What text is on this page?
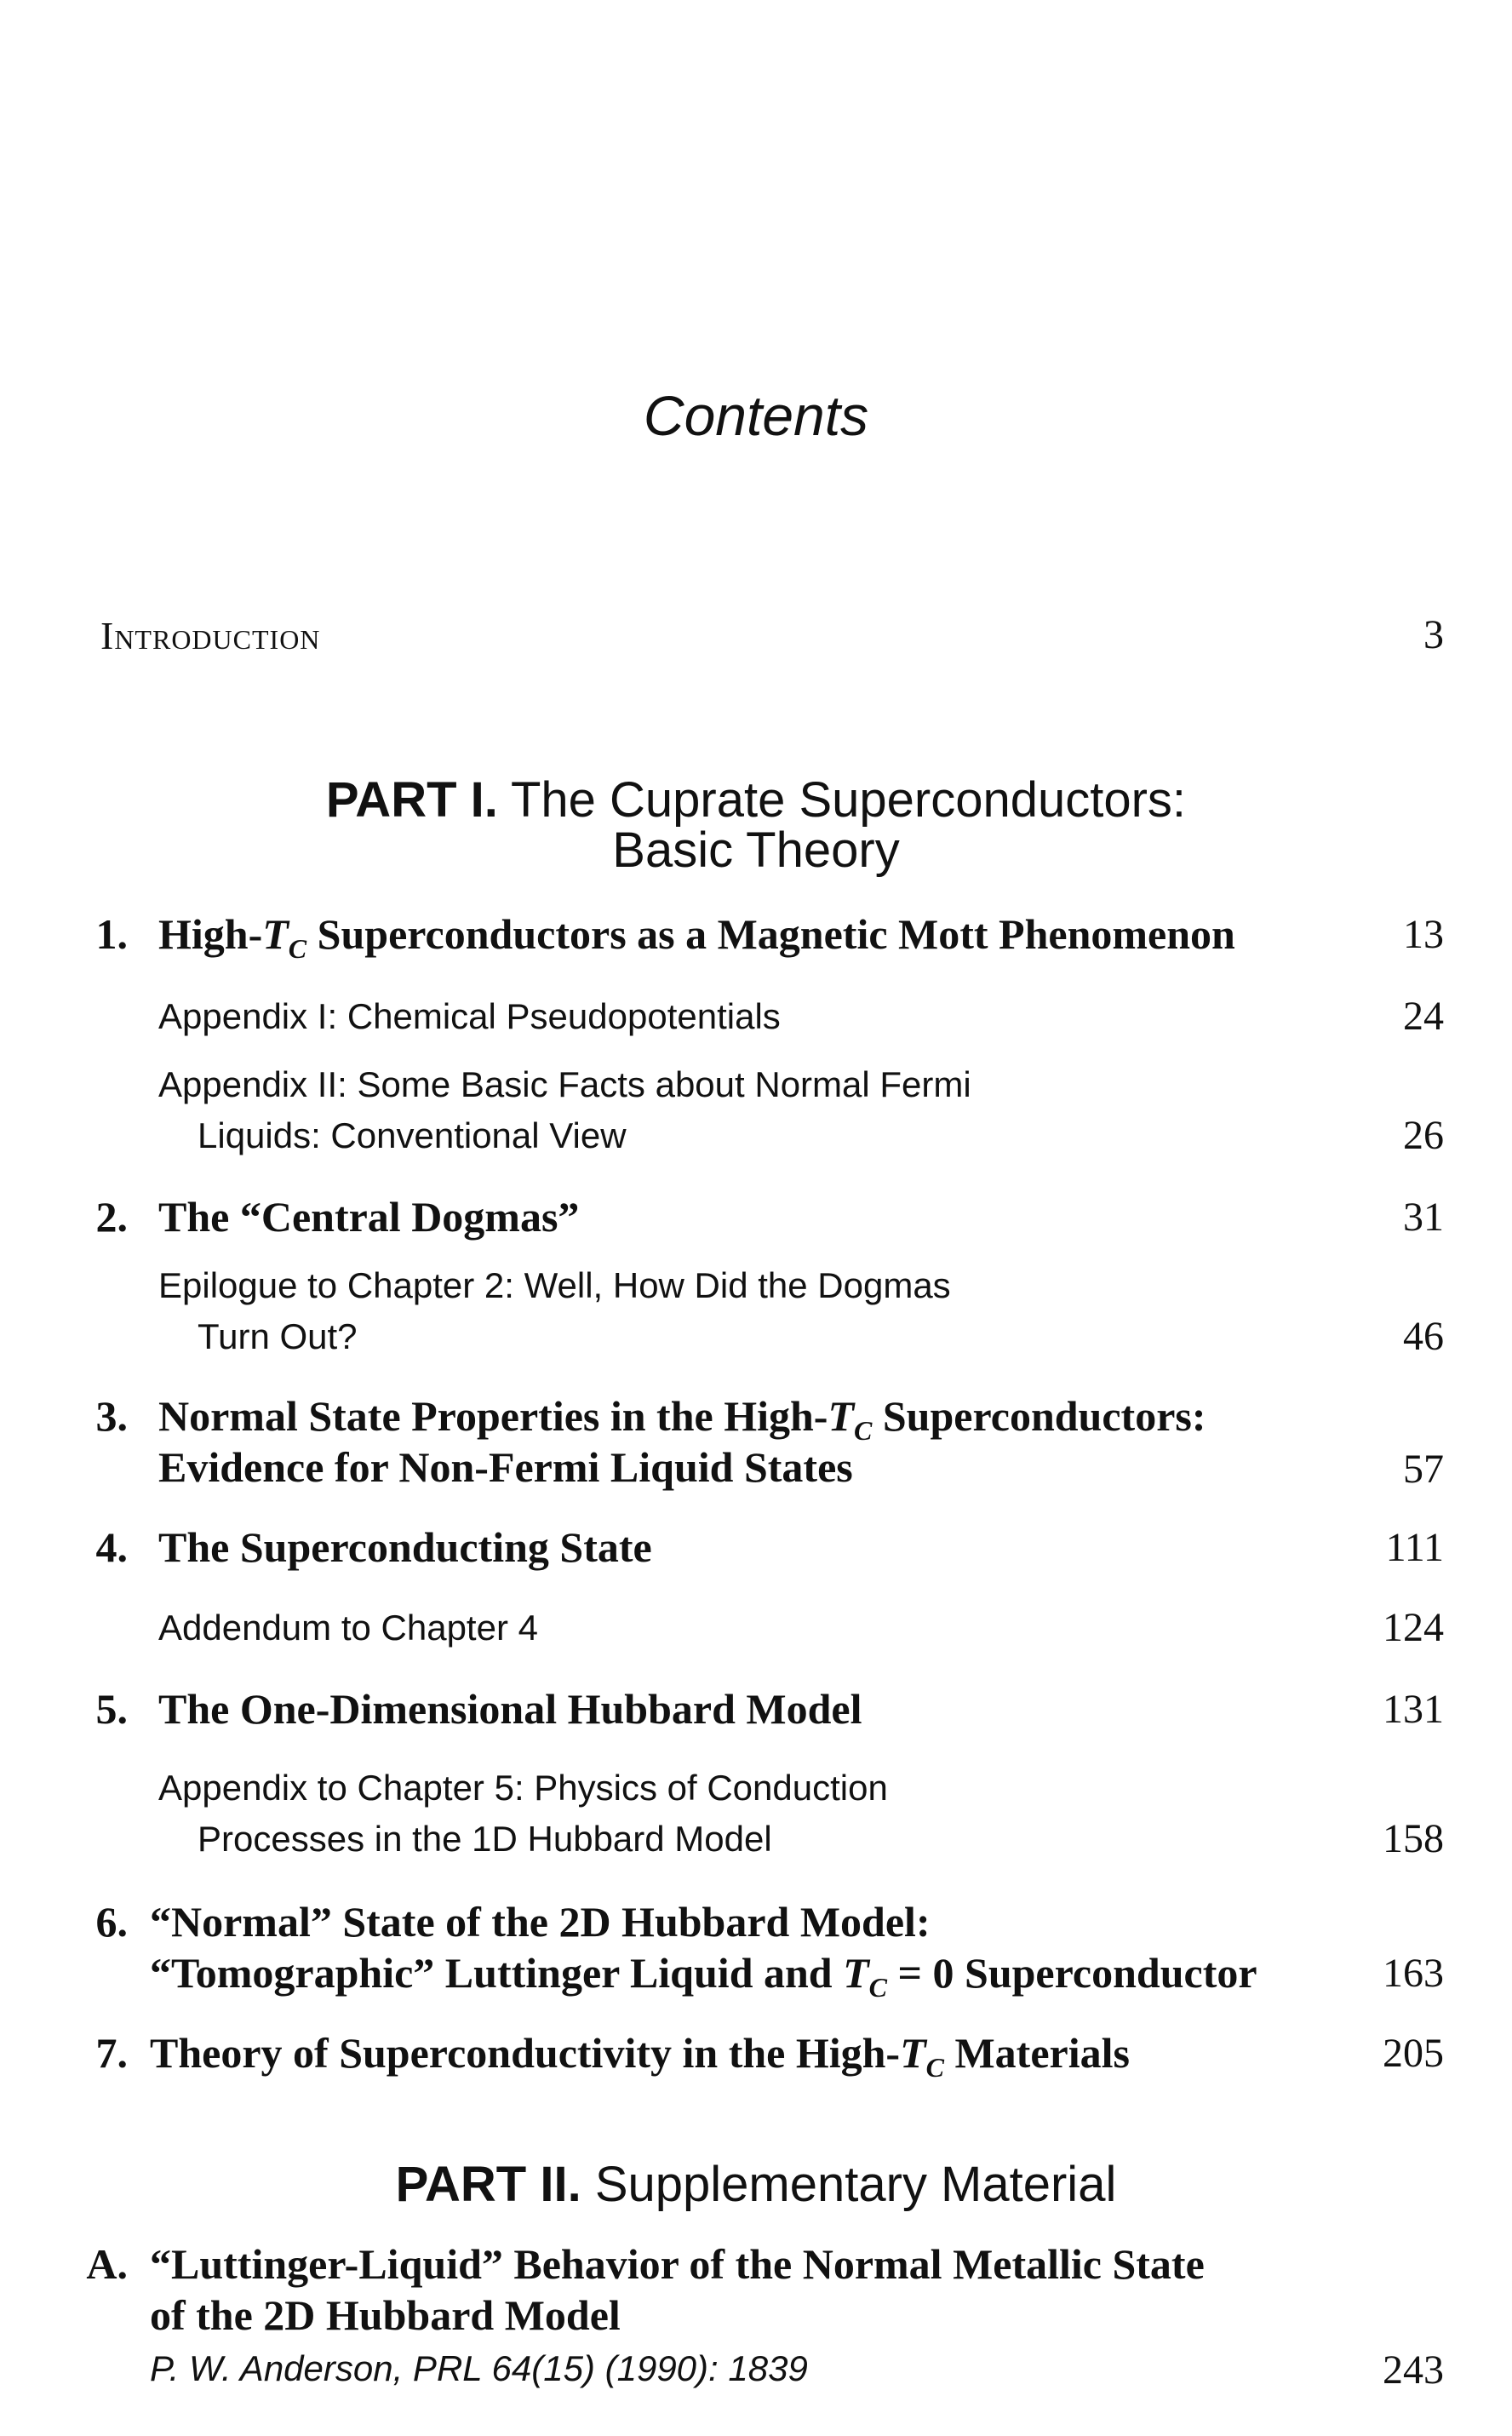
Contents
Introduction	3
PART I. The Cuprate Superconductors:
Basic Theory
1. High-$T_C$ Superconductors as a Magnetic Mott Phenomenon	13
Appendix I: Chemical Pseudopotentials	24
Appendix II: Some Basic Facts about Normal Fermi
Liquids: Conventional View	26
2. The “Central Dogmas”	31
Epilogue to Chapter 2: Well, How Did the Dogmas
Turn Out?	46
3. Normal State Properties in the High-$T_C$ Superconductors:
Evidence for Non-Fermi Liquid States	57
4. The Superconducting State	111
Addendum to Chapter 4	124
5. The One-Dimensional Hubbard Model	131
Appendix to Chapter 5: Physics of Conduction
Processes in the 1D Hubbard Model	158
6. “Normal” State of the 2D Hubbard Model:
“Tomographic” Luttinger Liquid and $T_C = 0$ Superconductor	163
7. Theory of Superconductivity in the High-$T_C$ Materials	205
PART II. Supplementary Material
A. “Luttinger-Liquid” Behavior of the Normal Metallic State
of the 2D Hubbard Model
P. W. Anderson, PRL 64(15) (1990): 1839	243
